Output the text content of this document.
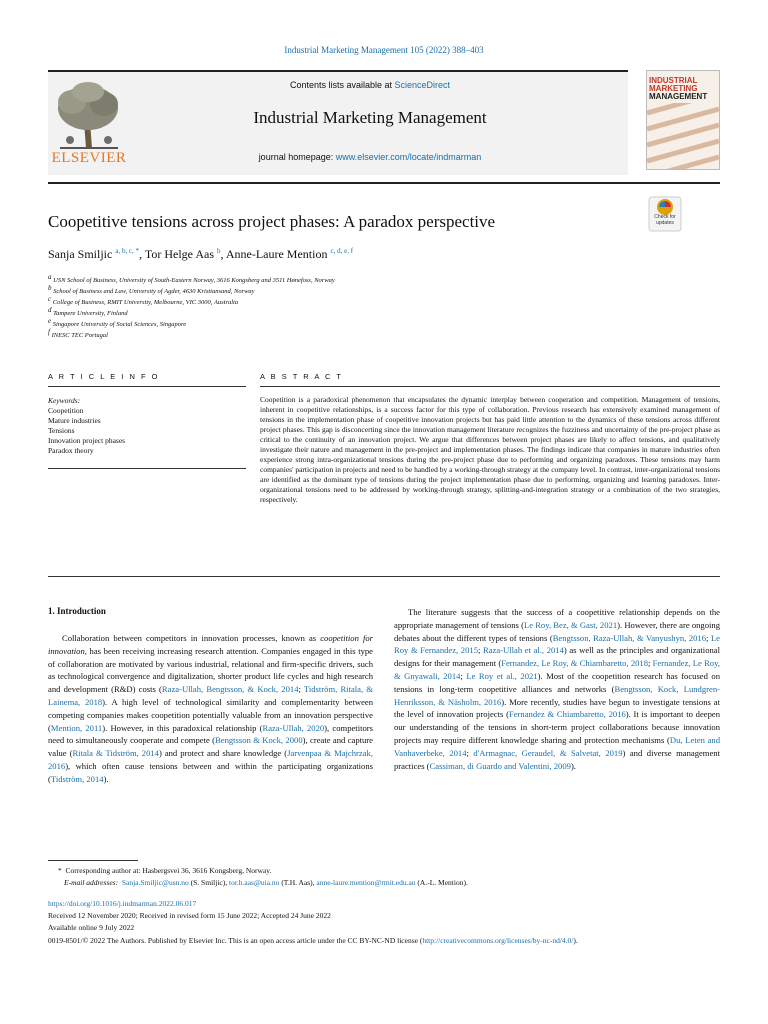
Industrial Marketing Management 105 (2022) 388–403
ELSEVIER
Contents lists available at ScienceDirect
Industrial Marketing Management
journal homepage: www.elsevier.com/locate/indmarman
INDUSTRIAL
MARKETING
MANAGEMENT
Coopetitive tensions across project phases: A paradox perspective	Check for updates
Sanja Smiljic $^{a, b, c, *}$, Tor Helge Aas $^b$, Anne-Laure Mention $^{c, d, e, f}$
$^a$ USN School of Business, University of South-Eastern Norway, 3616 Kongsberg and 3511 Hønefoss, Norway
$^b$ School of Business and Law, University of Agder, 4630 Kristiansand, Norway
$^c$ College of Business, RMIT University, Melbourne, VIC 3000, Australia
$^d$ Tampere University, Finland
$^e$ Singapore University of Social Sciences, Singapore
$^f$ INESC TEC Portugal
A R T I C L E I N F O	A B S T R A C T
Keywords:
Coopetition
Mature industries
Tensions
Innovation project phases
Paradox theory
Coopetition is a paradoxical phenomenon that encapsulates the dynamic interplay between cooperation and competition. Management of tensions, inherent in coopetitive relationships, is a success factor for this type of collaboration. Previous research has extensively examined management of tensions in the implementation phase of coopetitive innovation projects but has paid little attention to the dynamics of these tensions across different project phases. This gap is disconcerting since the innovation management literature recognizes the fuzziness and uncertainty of the pre-project phase as critical to the continuity of an innovation project. We argue that differences between project phases are likely to affect tensions, and qualitatively investigate their nature and management in the pre-project and implementation phases. The findings indicate that companies in mature industries often experience strong intra-organizational tensions during the pre-project phase due to performing and organizing paradoxes. These tensions may harm companies' participation in projects and need to be handled by a working-through strategy at the company level. In contrast, inter-organizational tensions are identified as the dominant type of tensions during the project implementation phase due to performing, organizing and learning paradoxes. Inter-organizational tensions need to be addressed by working-through strategy, splitting-and-integration strategy or a combination of the two strategies, respectively.
1. Introduction

Collaboration between competitors in innovation processes, known as coopetition for innovation, has been receiving increasing research attention. Companies engaged in this type of collaboration are motivated by various industrial, relational and firm-specific drivers, such as technological convergence and digitalization, shorter product life cycles and high research and development (R&D) costs (Raza-Ullah, Bengtsson, & Kock, 2014; Tidström, Ritala, & Lainema, 2018). A high level of technological similarity and complementarity between competing companies makes coopetition potentially valuable from an innovation perspective (Mention, 2011). However, in this paradoxical relationship (Raza-Ullah, 2020), competitors need to simultaneously cooperate and compete (Bengtsson & Kock, 2000), create and capture value (Ritala & Tidström, 2014) and protect and share knowledge (Jarvenpaa & Majchrzak, 2016), which often cause tensions between and within the participating organizations (Tidström, 2014).

The literature suggests that the success of a coopetitive relationship depends on the appropriate management of tensions (Le Roy, Bez, & Gast, 2021). However, there are ongoing debates about the different types of tensions (Bengtsson, Raza-Ullah, & Vanyushyn, 2016; Le Roy & Fernandez, 2015; Raza-Ullah et al., 2014) as well as the principles and organizational designs for their management (Fernandez, Le Roy, & Chiambaretto, 2018; Fernandez, Le Roy, & Gnyawali, 2014; Le Roy et al., 2021). Most of the coopetition research has focused on tensions in long-term coopetitive alliances and networks (Bengtsson, Kock, Lundgren-Henriksson, & Näsholm, 2016). More recently, studies have begun to investigate tensions at the level of innovation projects (Fernandez & Chiambaretto, 2016). It is important to deepen our understanding of the tensions in short-term project collaborations because innovation projects may require different knowledge sharing and protection mechanisms (Du, Leten and Vanhaverbeke, 2014; d'Armagnac, Geraudel, & Salvetat, 2019) and diverse management practices (Cassiman, di Guardo and Valentini, 2009).

*  Corresponding author at: Hasbergsvei 36, 3616 Kongsberg, Norway.
E-mail addresses: Sanja.Smiljic@usn.no (S. Smiljic), tor.h.aas@uia.no (T.H. Aas), anne-laure.mention@rmit.edu.au (A.-L. Mention).
https://doi.org/10.1016/j.indmarman.2022.06.017
Received 12 November 2020; Received in revised form 15 June 2022; Accepted 24 June 2022
Available online 9 July 2022
0019-8501/© 2022 The Authors. Published by Elsevier Inc. This is an open access article under the CC BY-NC-ND license (http://creativecommons.org/licenses/by-nc-nd/4.0/).
